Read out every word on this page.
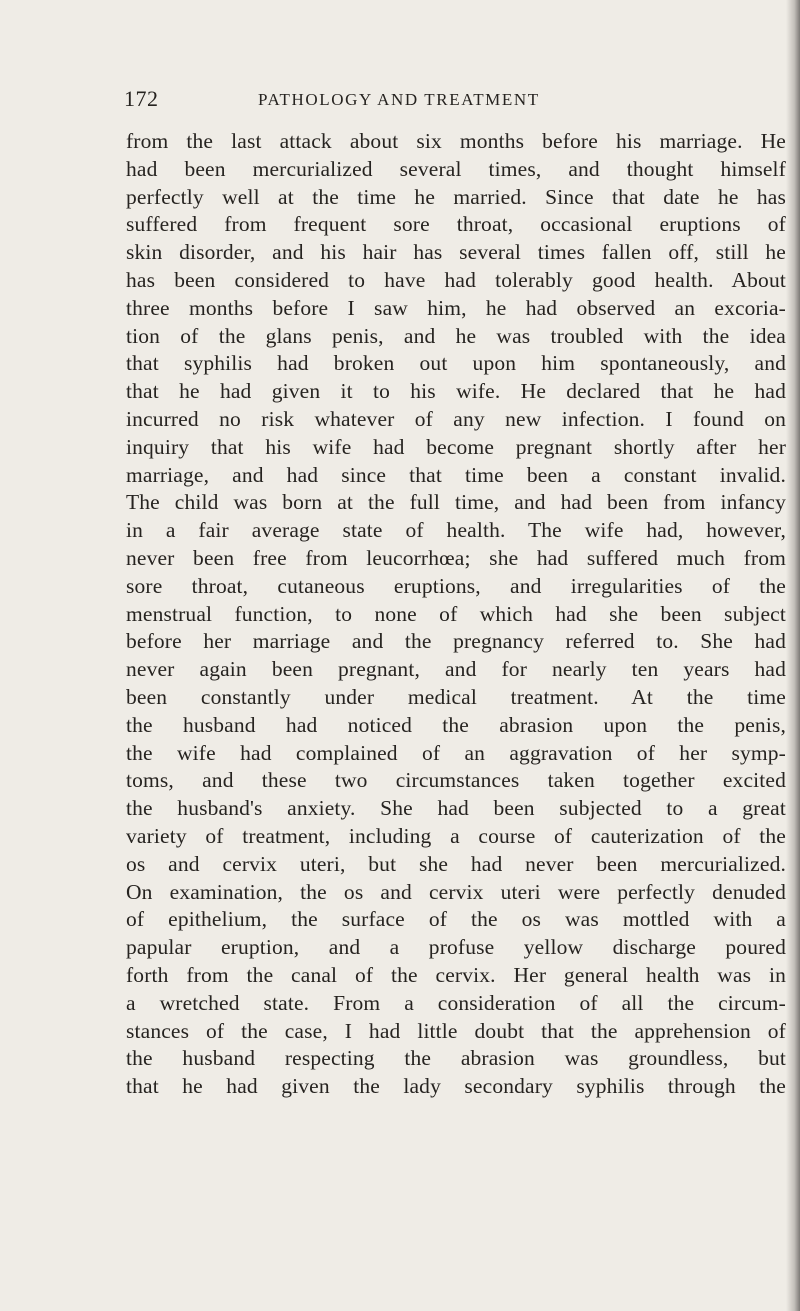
172	PATHOLOGY AND TREATMENT
from the last attack about six months before his marriage. He
had been mercurialized several times, and thought himself
perfectly well at the time he married. Since that date he has
suffered from frequent sore throat, occasional eruptions of
skin disorder, and his hair has several times fallen off, still he
has been considered to have had tolerably good health. About
three months before I saw him, he had observed an excoria-
tion of the glans penis, and he was troubled with the idea
that syphilis had broken out upon him spontaneously, and
that he had given it to his wife. He declared that he had
incurred no risk whatever of any new infection. I found on
inquiry that his wife had become pregnant shortly after her
marriage, and had since that time been a constant invalid.
The child was born at the full time, and had been from infancy
in a fair average state of health. The wife had, however,
never been free from leucorrhœa; she had suffered much from
sore throat, cutaneous eruptions, and irregularities of the
menstrual function, to none of which had she been subject
before her marriage and the pregnancy referred to. She had
never again been pregnant, and for nearly ten years had
been constantly under medical treatment. At the time
the husband had noticed the abrasion upon the penis,
the wife had complained of an aggravation of her symp-
toms, and these two circumstances taken together excited
the husband's anxiety. She had been subjected to a great
variety of treatment, including a course of cauterization of the
os and cervix uteri, but she had never been mercurialized.
On examination, the os and cervix uteri were perfectly denuded
of epithelium, the surface of the os was mottled with a
papular eruption, and a profuse yellow discharge poured
forth from the canal of the cervix. Her general health was in
a wretched state. From a consideration of all the circum-
stances of the case, I had little doubt that the apprehension of
the husband respecting the abrasion was groundless, but
that he had given the lady secondary syphilis through the
